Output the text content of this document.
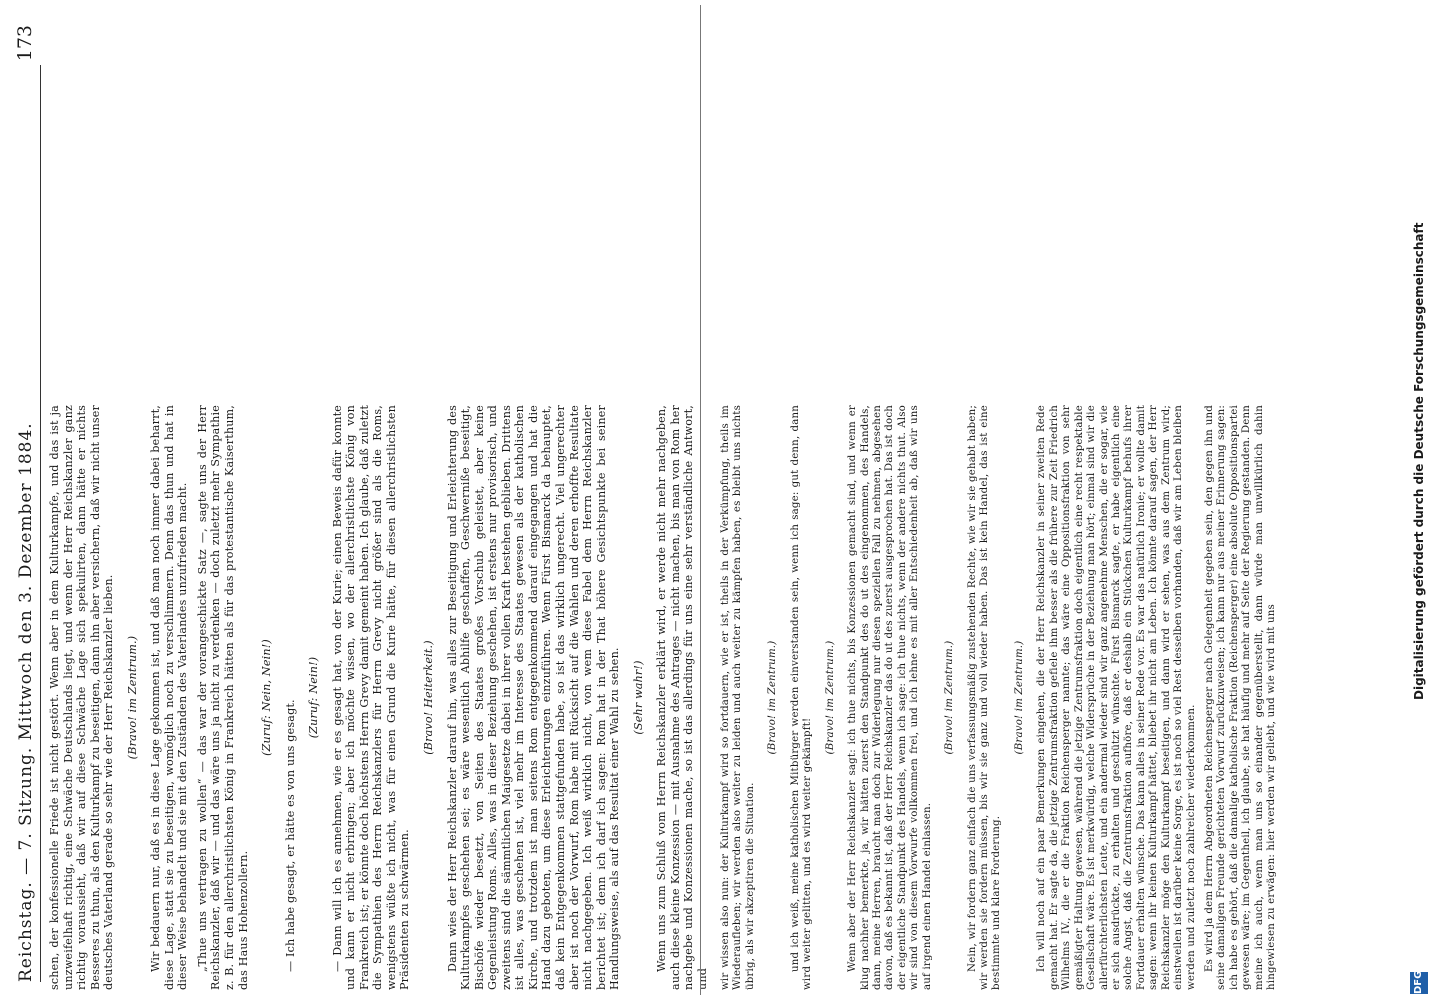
Reichstag. — 7. Sitzung. Mittwoch den 3. Dezember 1884.
173

schen, der konfessionelle Friede ist nicht gestört. Wenn aber in dem Kulturkampfe, und das ist ja unzweifelhaft richtig, eine Schwäche Deutschlands liegt, und wenn der Herr Reichskanzler ganz richtig voraussieht, daß wir auf diese Schwäche Lage sich spekulirten, dann hätte er nichts Besseres zu thun, als den Kulturkampf zu beseitigen, dann ihn aber versichern, daß wir nicht unser deutsches Vaterland gerade so sehr wie der Herr Reichskanzler lieben. (Bravo! im Zentrum.) Wir bedauern nur, daß es in diese Lage gekommen ist, und daß man noch immer dabei beharrt, diese Lage, statt sie zu beseitigen, womöglich noch zu verschlimmern. Denn das thun und hat in dieser Weise behandelt und sie mit den Zuständen des Vaterlandes unzufrieden macht. „Thue uns vertragen zu wollen“ — das war der vorangeschickte Satz —, sagte uns der Herr Reichskanzler, daß wir — und das wäre uns ja nicht zu verdenken — doch zuletzt mehr Sympathie z. B. für den allerchristlichsten König in Frankreich hätten als für das protestantische Kaiserthum, das Haus Hohenzollern.

(Zuruf: Nein, Nein!)

— Ich habe gesagt, er hätte es von uns gesagt.

(Zuruf: Nein!) — Dann will ich es annehmen, wie er es gesagt hat, von der Kurie; einen Beweis dafür konnte und kann er nicht erbringen; aber ich möchte wissen, wo der allerchristlichste König von Frankreich ist; er könnte doch höchstens Herrn Grevy damit gemeint haben. Ich glaube, daß zuletzt die Sympathien des Herrn Reichskanzlers für Herrn Grevy nicht größer sind als die Roms, wenigstens wüßte ich nicht, was für einen Grund die Kurie hätte, für diesen allerchristlichsten Präsidenten zu schwärmen.

(Bravo! Heiterkeit.) Dann wies der Herr Reichskanzler darauf hin, was alles zur Beseitigung und Erleichterung des Kulturkampfes geschehen sei; es wäre wesentlich Abhilfe geschaffen, Geschwerniße beseitigt, Bischöfe wieder besetzt, von Seiten des Staates großes Vorschub geleistet, aber keine Gegenleistung Roms. Alles, was in dieser Beziehung geschehen, ist erstens nur provisorisch, und zweitens sind die sämmtlichen Maigesetze dabei in ihrer vollen Kraft bestehen geblieben. Drittens ist alles, was geschehen ist, viel mehr im Interesse des Staates gewesen als der katholischen Kirche, und trotzdem ist man seitens Rom entgegenkommend darauf eingegangen und hat die Hand dazu geboten, um diese Erleichterungen einzuführen. Wenn Fürst Bismarck da behauptet, daß kein Entgegenkommen stattgefunden habe, so ist das wirklich ungerecht. Viel ungerechter aber ist noch der Vorwurf, Rom habe mit Rücksicht auf die Wahlen und deren erhoffte Resultate nicht nachgegeben. Ich weiß wirklich nicht, von wem diese Fabel dem Herrn Reichskanzler berichtet ist; denn ich darf ich sagen: Rom hat in der That höhere Gesichtspunkte bei seiner Handlungsweise, als auf das Resultat einer Wahl zu sehen. (Sehr wahr!) Wenn uns zum Schluß vom Herrn Reichskanzler erklärt wird, er werde nicht mehr nachgeben, auch diese kleine Konzession — mit Ausnahme des Antrages — nicht machen, bis man von Rom her nachgebe und Konzessionen mache, so ist das allerdings für uns eine sehr verständliche Antwort, und wir wissen also nun: der Kulturkampf wird so fortdauern, wie er ist, theils in der Verkümpfung, theils im Wiederaufleben; wir werden also weiter zu leiden und auch weiter zu kämpfen haben, es bleibt uns nichts übrig, als wir akzeptiren die Situation.

(Bravo! im Zentrum.) und ich weiß, meine katholischen Mitbürger werden einverstanden sein, wenn ich sage: gut denn, dann wird weiter gelitten, und es wird weiter gekämpft!

(Bravo! im Zentrum.) Wenn aber der Herr Reichskanzler sagt: ich thue nichts, bis Konzessionen gemacht sind, und wenn er klug nachher bemerkte, ja, wir hätten zuerst den Standpunkt des do ut des eingenommen, des Handels, dann, meine Herren, braucht man doch zur Widerlegung nur diesen speziellen Fall zu nehmen, abgesehen davon, daß es bekannt ist, daß der Herr Reichskanzler das do ut des zuerst ausgesprochen hat. Das ist doch der eigentliche Standpunkt des Handels, wenn ich sage: ich thue nichts, wenn der andere nichts thut. Also wir sind von diesem Vorwurfe vollkommen frei, und ich lehne es mit aller Entschiedenheit ab, daß wir uns auf irgend einen Handel einlassen.

(Bravo! im Zentrum.) Nein, wir fordern ganz einfach die uns verfassungsmäßig zustehenden Rechte, wie wir sie gehabt haben; wir werden sie fordern müssen, bis wir sie ganz und voll wieder haben. Das ist kein Handel, das ist eine bestimmte und klare Forderung.

(Bravo! im Zentrum.) Ich will noch auf ein paar Bemerkungen eingehen, die der Herr Reichskanzler in seiner zweiten Rede gemacht hat. Er sagte da, die jetzige Zentrumsfraktion gefiele ihm besser als die frühere zur Zeit Friedrich Wilhelms IV., die er die Fraktion Reichensperger nannte; das wäre eine Oppositionsfraktion von sehr gemäßigter Haltung gewesen, während die jetzige Zentrumsfraktion doch eigentlich eine recht respektable Gesellschaft wäre. Es ist merkwürdig, welche Widersprüche in der Beziehung man hört; einmal sind wir die allerfürchterlichsten Leute, und ein andermal wieder sind wir ganz angenehme Menschen, die er sogar, wie er sich ausdrückte, zu erhalten und geschützt wünschte. Fürst Bismarck sagte, er habe eigentlich eine solche Angst, daß die Zentrumsfraktion aufhöre, daß er deshalb ein Stückchen Kulturkampf behufs ihrer Fortdauer erhalten wünsche. Das kann alles in seiner Rede vor. Es war das natürlich Ironie; er wollte damit sagen: wenn ihr keinen Kulturkampf hättet, bliebet ihr nicht am Leben. Ich könnte darauf sagen, der Herr Reichskanzler möge den Kulturkampf beseitigen, und dann wird er sehen, was aus dem Zentrum wird; einstweilen ist darüber keine Sorge, es ist noch so viel Rest desselben vorhanden, daß wir am Leben bleiben werden und zuletzt noch zahlreicher wiederkommen. Es wird ja dem Herrn Abgeordneten Reichensperger nach Gelegenheit gegeben sein, den gegen ihn und seine damaligen Freunde gerichteten Vorwurf zurückzuweisen; ich kann nur aus meiner Erinnerung sagen: ich habe es gehört, daß die damalige katholische Fraktion (Reichensperger) eine absolute Oppositionspartei gewesen wäre; im Gegentheil, ich glaube, sie hat häufig und mehr auf Seite der Regierung gestanden. Denn meine ich auch, wenn man uns so einander gegenüberstellt, dann würde man unwillkürlich dahin hingewiesen zu erwägen: hier werden wir geliebt, und wie wird mit uns	DFG
Digitalisierung gefördert durch die Deutsche Forschungsgemeinschaft
